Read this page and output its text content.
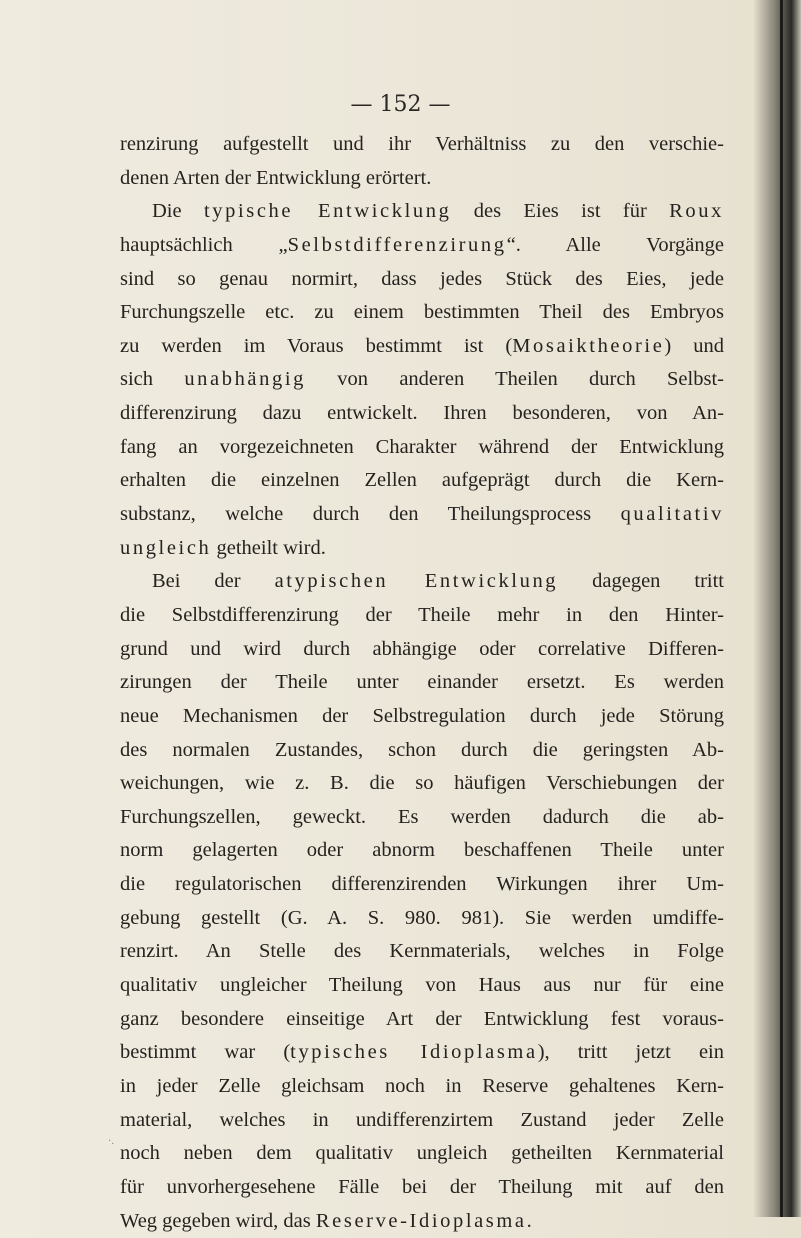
— 152 —
renzirung aufgestellt und ihr Verhältniss zu den verschie-
denen Arten der Entwicklung erörtert.
Die typische Entwicklung des Eies ist für Roux
hauptsächlich „Selbstdifferenzirung“. Alle Vorgänge
sind so genau normirt, dass jedes Stück des Eies, jede
Furchungszelle etc. zu einem bestimmten Theil des Embryos
zu werden im Voraus bestimmt ist (Mosaiktheorie) und
sich unabhängig von anderen Theilen durch Selbst-
differenzirung dazu entwickelt. Ihren besonderen, von An-
fang an vorgezeichneten Charakter während der Entwicklung
erhalten die einzelnen Zellen aufgeprägt durch die Kern-
substanz, welche durch den Theilungsprocess qualitativ
ungleich getheilt wird.
Bei der atypischen Entwicklung dagegen tritt
die Selbstdifferenzirung der Theile mehr in den Hinter-
grund und wird durch abhängige oder correlative Differen-
zirungen der Theile unter einander ersetzt. Es werden
neue Mechanismen der Selbstregulation durch jede Störung
des normalen Zustandes, schon durch die geringsten Ab-
weichungen, wie z. B. die so häufigen Verschiebungen der
Furchungszellen, geweckt. Es werden dadurch die ab-
norm gelagerten oder abnorm beschaffenen Theile unter
die regulatorischen differenzirenden Wirkungen ihrer Um-
gebung gestellt (G. A. S. 980. 981). Sie werden umdiffe-
renzirt. An Stelle des Kernmaterials, welches in Folge
qualitativ ungleicher Theilung von Haus aus nur für eine
ganz besondere einseitige Art der Entwicklung fest voraus-
bestimmt war (typisches Idioplasma), tritt jetzt ein
in jeder Zelle gleichsam noch in Reserve gehaltenes Kern-
material, welches in undifferenzirtem Zustand jeder Zelle
noch neben dem qualitativ ungleich getheilten Kernmaterial
für unvorhergesehene Fälle bei der Theilung mit auf den
Weg gegeben wird, das Reserve-Idioplasma.
·.
